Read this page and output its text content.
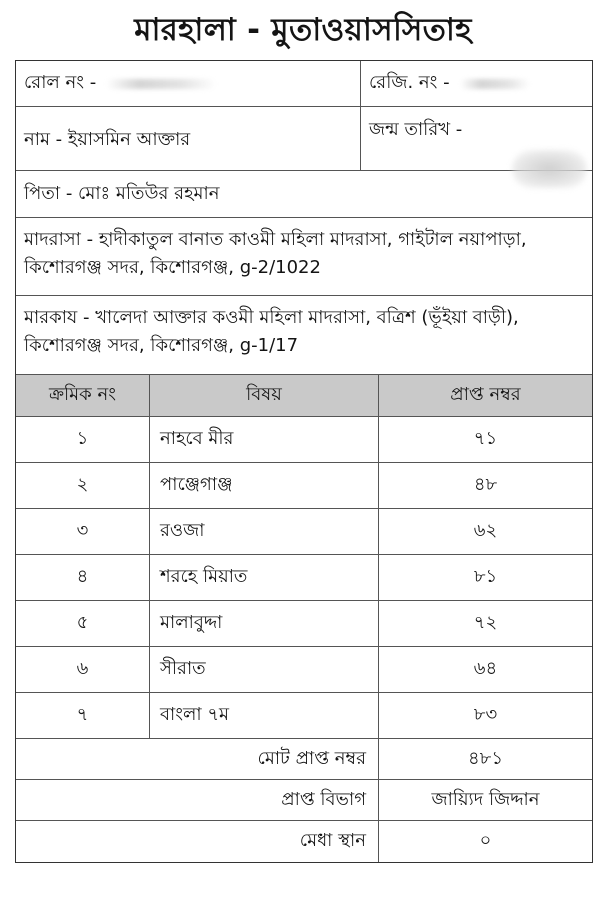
মারহালা - মুতাওয়াসসিতাহ
রোল নং -	রেজি. নং -
নাম - ইয়াসমিন আক্তার	জন্ম তারিখ -
পিতা - মোঃ মতিউর রহমান
মাদরাসা - হাদীকাতুল বানাত কাওমী মহিলা মাদরাসা, গাইটাল নয়াপাড়া, কিশোরগঞ্জ সদর, কিশোরগঞ্জ, g-2/1022
মারকায - খালেদা আক্তার কওমী মহিলা মাদরাসা, বত্রিশ (ভূঁইয়া বাড়ী), কিশোরগঞ্জ সদর, কিশোরগঞ্জ, g-1/17
ক্রমিক নং	বিষয়	প্রাপ্ত নম্বর
১	নাহবে মীর	৭১
২	পাঞ্জেগাঞ্জ	৪৮
৩	রওজা	৬২
৪	শরহে মিয়াত	৮১
৫	মালাবুদ্দা	৭২
৬	সীরাত	৬৪
৭	বাংলা ৭ম	৮৩
মোট প্রাপ্ত নম্বর	৪৮১
প্রাপ্ত বিভাগ	জায়্যিদ জিদ্দান
মেধা স্থান	০
